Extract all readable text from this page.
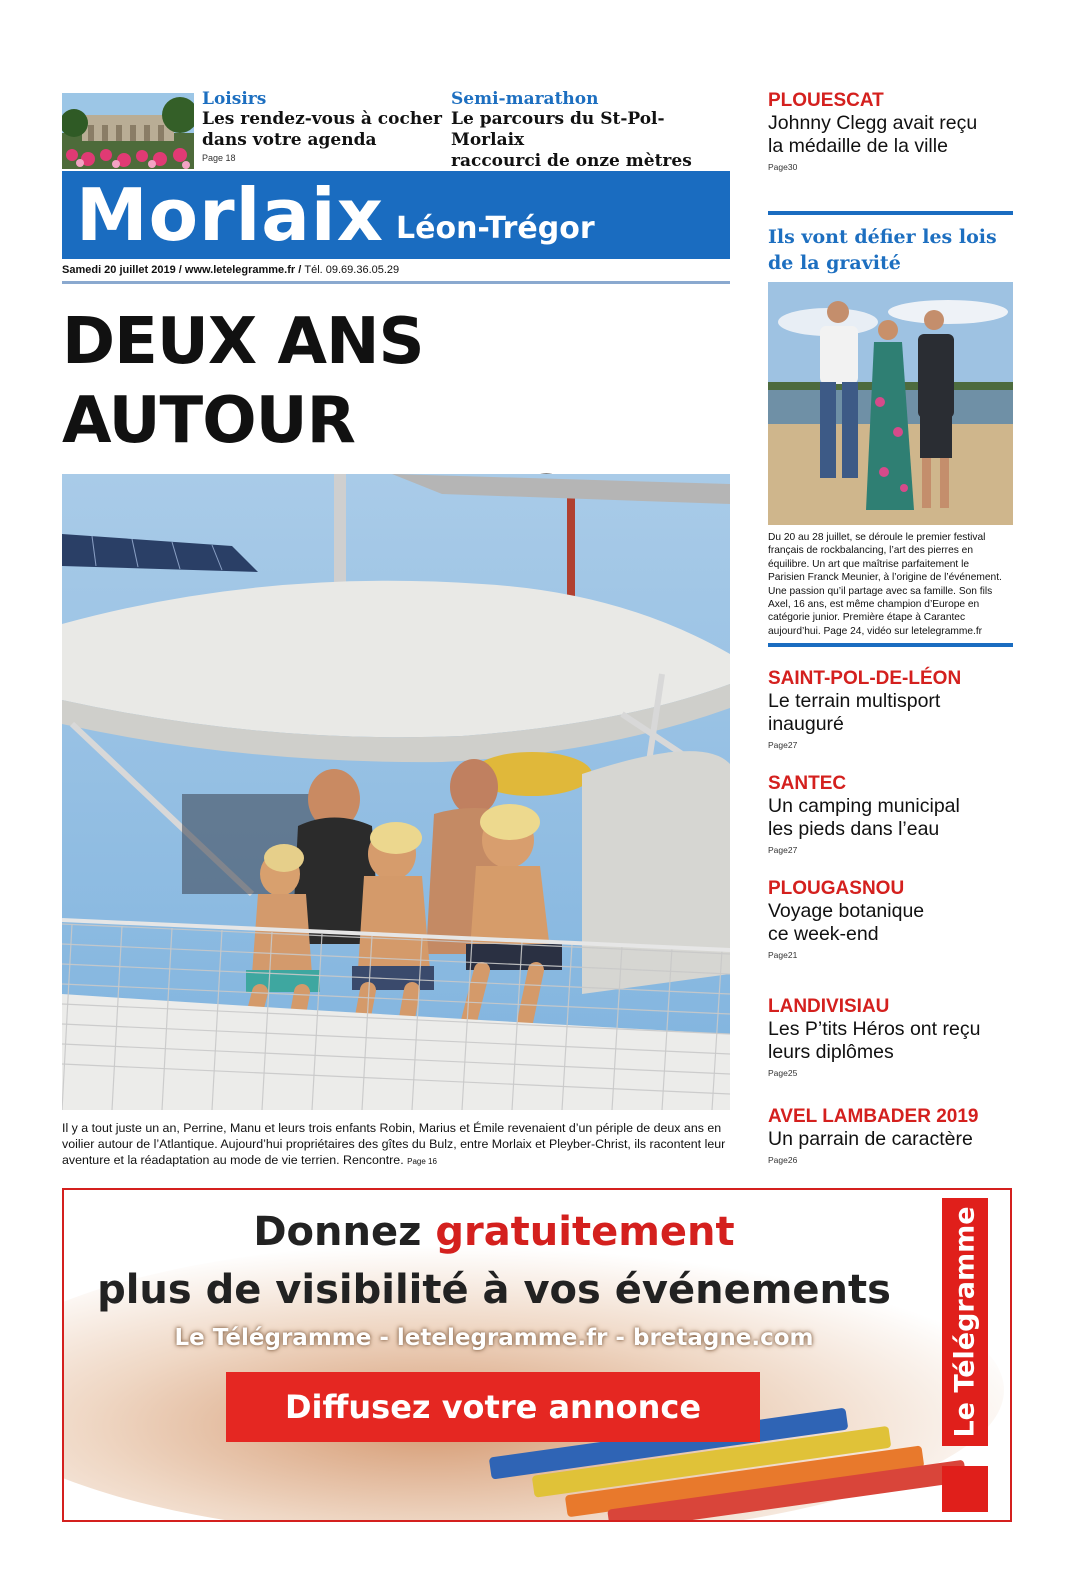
Loisirs
Les rendez-vous à cocher
dans votre agenda
Page 18
Semi-marathon
Le parcours du St-Pol-Morlaix
raccourci de onze mètres
Morlaix Léon-Trégor
Samedi 20 juillet 2019 / www.letelegramme.fr / Tél. 09.69.36.05.29
DEUX ANS AUTOUR
Il y a tout juste un an, Perrine, Manu et leurs trois enfants Robin, Marius et Émile revenaient d’un périple de deux ans en voilier autour de l’Atlantique. Aujourd’hui propriétaires des gîtes du Bulz, entre Morlaix et Pleyber-Christ, ils racontent leur aventure et la réadaptation au mode de vie terrien. Rencontre. Page 16
PLOUESCAT
Johnny Clegg avait reçu
la médaille de la ville
Page30
Ils vont défier les lois
de la gravité
Du 20 au 28 juillet, se déroule le premier festival
français de rockbalancing, l’art des pierres en
équilibre. Un art que maîtrise parfaitement le
Parisien Franck Meunier, à l’origine de l’événement.
Une passion qu’il partage avec sa famille. Son fils
Axel, 16 ans, est même champion d’Europe en
catégorie junior. Première étape à Carantec
aujourd’hui. Page 24, vidéo sur letelegramme.fr
SAINT-POL-DE-LÉON
Le terrain multisport
inauguré
Page27
SANTEC
Un camping municipal
les pieds dans l’eau
Page27
PLOUGASNOU
Voyage botanique
ce week-end
Page21
LANDIVISIAU
Les P’tits Héros ont reçu
leurs diplômes
Page25
AVEL LAMBADER 2019
Un parrain de caractère
Page26
Donnez gratuitement
plus de visibilité à vos événements
Le Télégramme - letelegramme.fr - bretagne.com
Diffusez votre annonce	Le Télégramme
